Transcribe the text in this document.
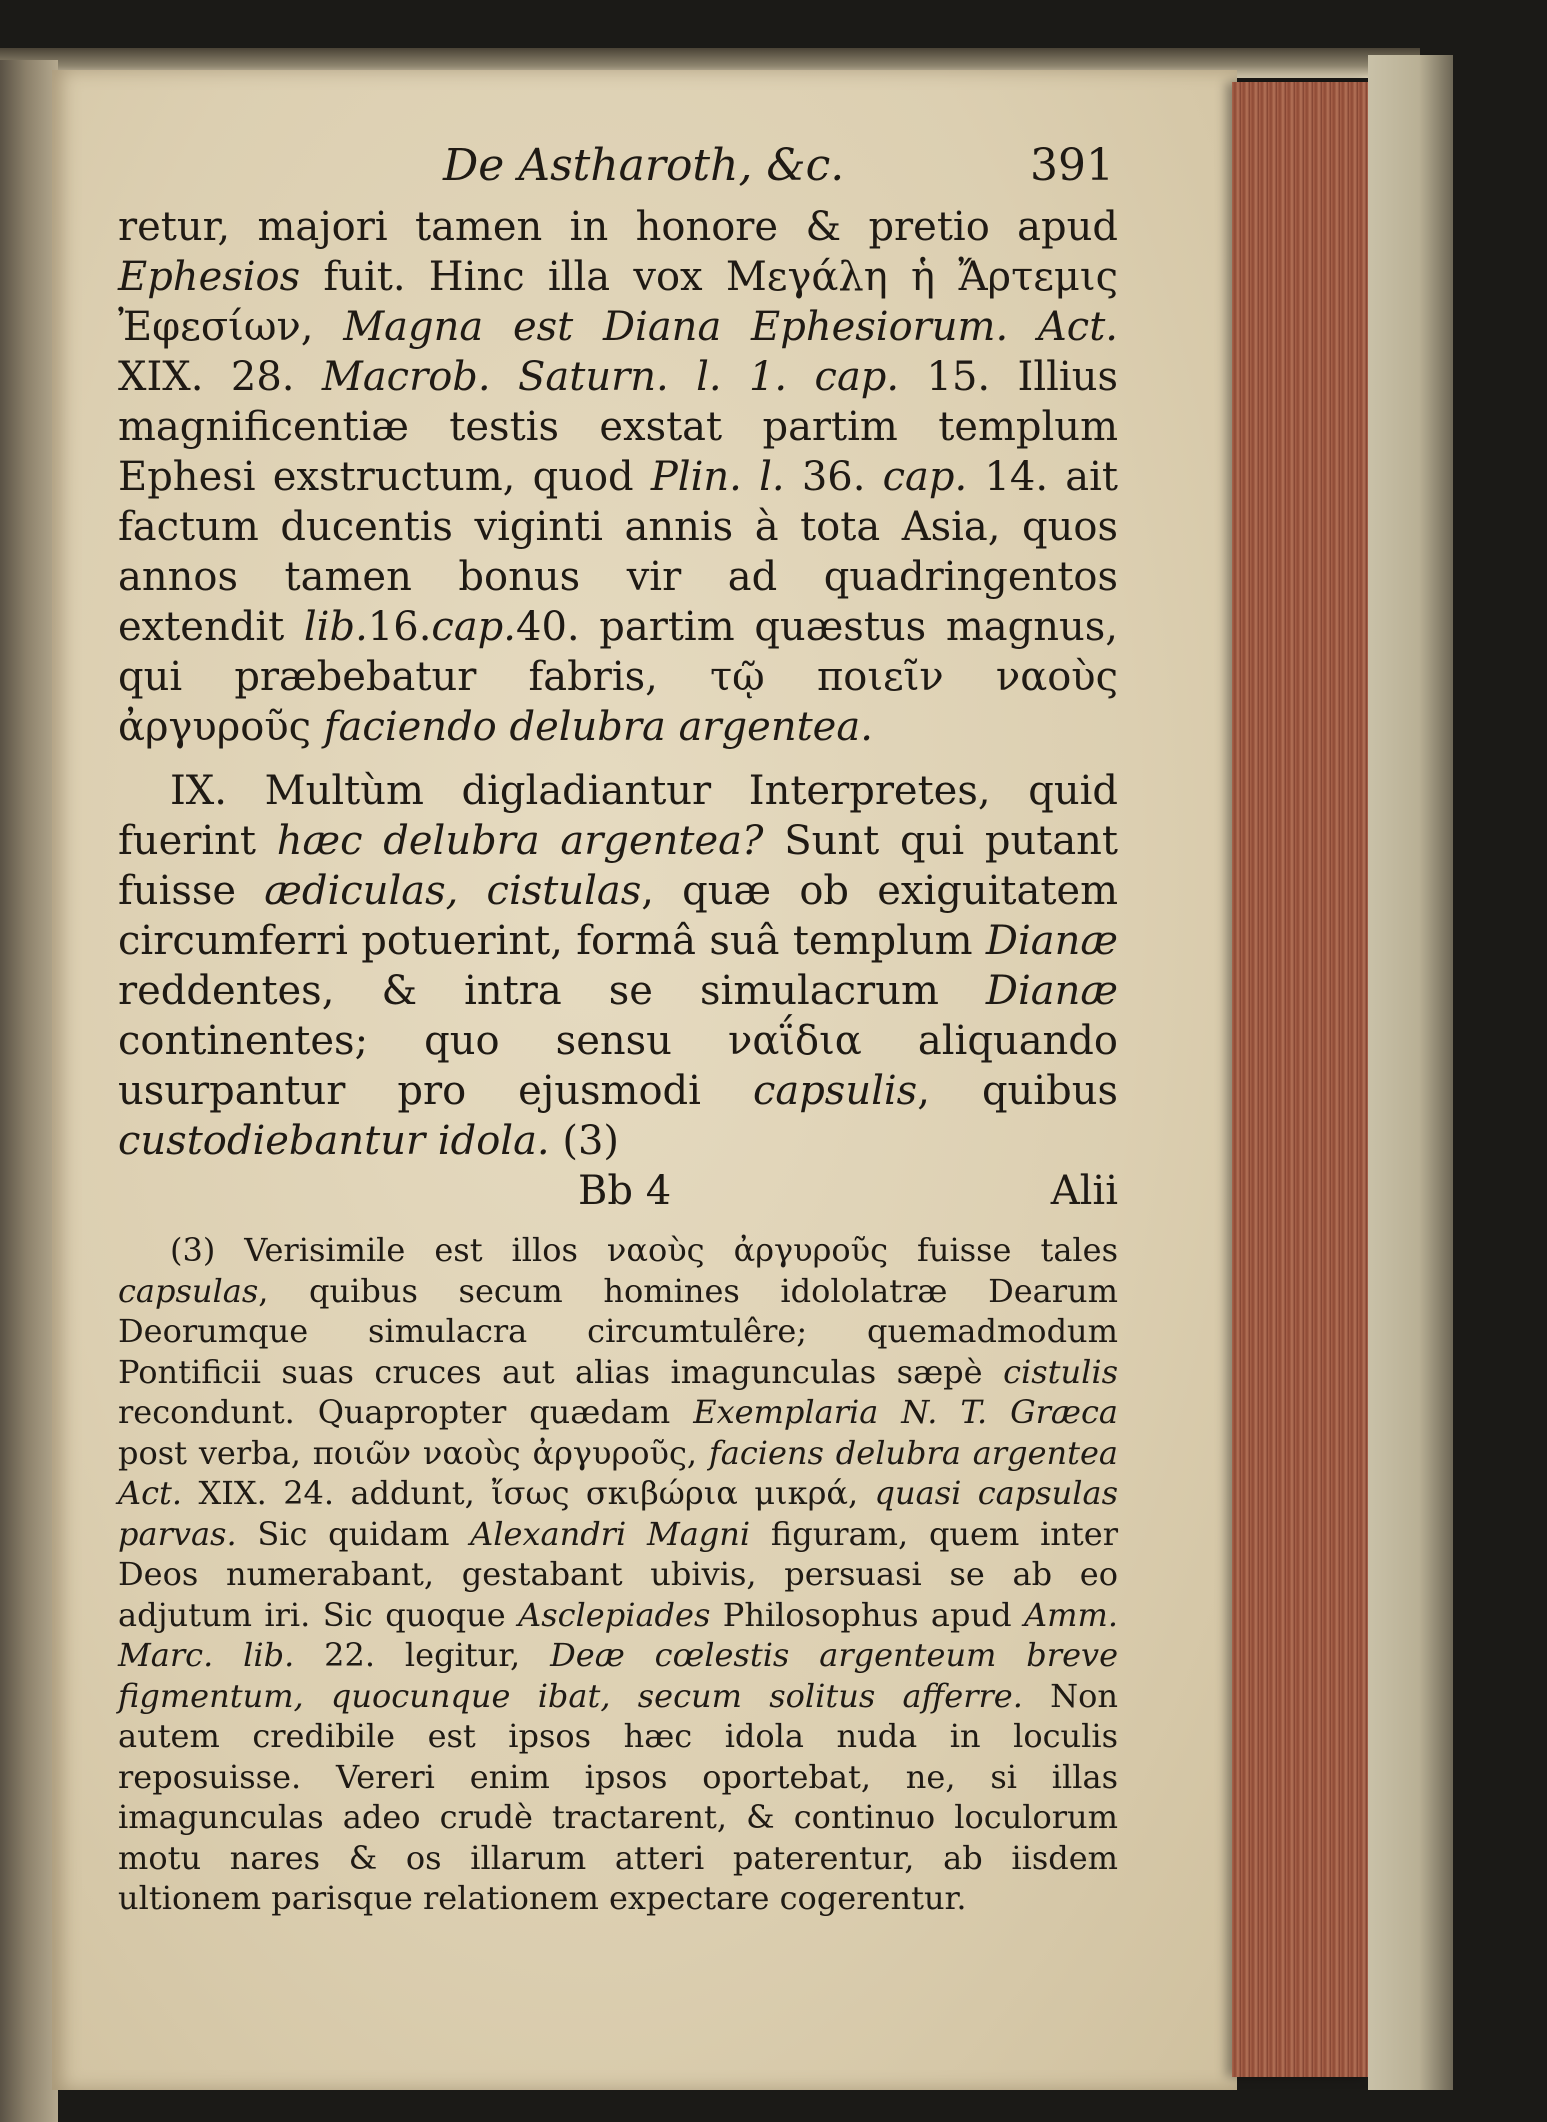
De Astharoth, &c.	391

retur, majori tamen in honore & pretio apud Ephesios fuit. Hinc illa vox Μεγάλη ἡ Ἄρτεμις Ἐφεσίων, Magna est Diana Ephesiorum. Act. XIX. 28. Macrob. Saturn. l. 1. cap. 15. Illius magnificentiæ testis exstat partim templum Ephesi exstructum, quod Plin. l. 36. cap. 14. ait factum ducentis viginti annis à tota Asia, quos annos tamen bonus vir ad quadringentos extendit lib.16.cap.40. partim quæstus magnus, qui præbebatur fabris, τῷ ποιεῖν ναοὺς ἀργυροῦς faciendo delubra argentea.

IX. Multùm digladiantur Interpretes, quid fuerint hæc delubra argentea? Sunt qui putant fuisse ædiculas, cistulas, quæ ob exiguitatem circumferri potuerint, formâ suâ templum Dianæ reddentes, & intra se simulacrum Dianæ continentes; quo sensu ναΐδια aliquando usurpantur pro ejusmodi capsulis, quibus custodiebantur idola. (3)

Bb 4	Alii

(3) Verisimile est illos ναοὺς ἀργυροῦς fuisse tales capsulas, quibus secum homines idololatræ Dearum Deorumque simulacra circumtulêre; quemadmodum Pontificii suas cruces aut alias imagunculas sæpè cistulis recondunt. Quapropter quædam Exemplaria N. T. Græca post verba, ποιῶν ναοὺς ἀργυροῦς, faciens delubra argentea Act. XIX. 24. addunt, ἴσως σκιβώρια μικρά, quasi capsulas parvas. Sic quidam Alexandri Magni figuram, quem inter Deos numerabant, gestabant ubivis, persuasi se ab eo adjutum iri. Sic quoque Asclepiades Philosophus apud Amm. Marc. lib. 22. legitur, Deæ cœlestis argenteum breve figmentum, quocunque ibat, secum solitus afferre. Non autem credibile est ipsos hæc idola nuda in loculis reposuisse. Vereri enim ipsos oportebat, ne, si illas imagunculas adeo crudè tractarent, & continuo loculorum motu nares & os illarum atteri paterentur, ab iisdem ultionem parisque relationem expectare cogerentur.
